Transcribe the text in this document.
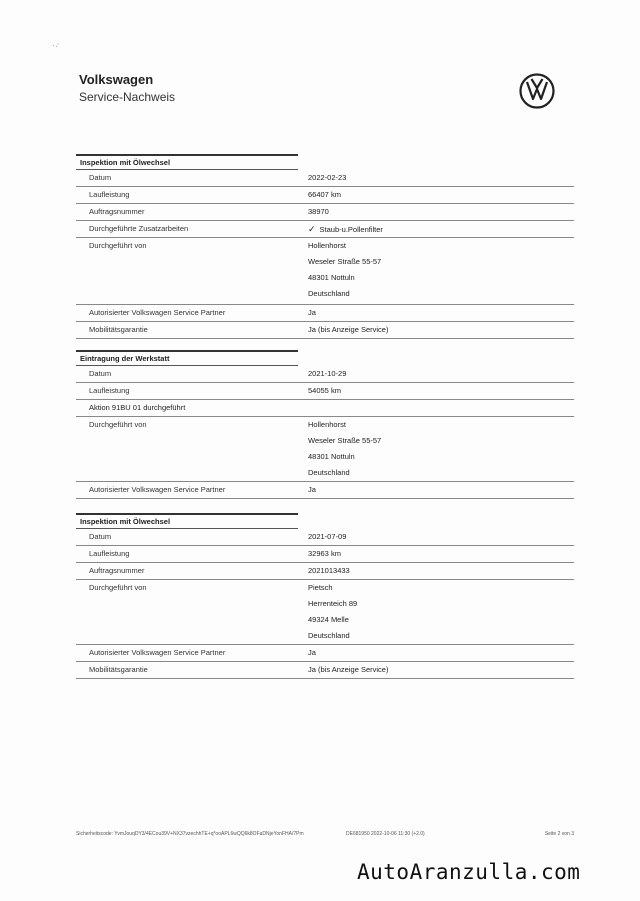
·.·
Volkswagen
Service-Nachweis
Inspektion mit Ölwechsel
Datum	2022-02-23
Laufleistung	66407 km
Auftragsnummer	38970
Durchgeführte Zusatzarbeiten	✓ Staub-u.Pollenfilter
Durchgeführt von	Hollenhorst
Weseler Straße 55-57
48301 Nottuln
Deutschland
Autorisierter Volkswagen Service Partner	Ja
Mobilitätsgarantie	Ja (bis Anzeige Service)
Eintragung der Werkstatt
Datum	2021-10-29
Laufleistung	54055 km
Aktion 91BU 01 durchgeführt
Durchgeführt von	Hollenhorst
Weseler Straße 55-57
48301 Nottuln
Deutschland
Autorisierter Volkswagen Service Partner	Ja
Inspektion mit Ölwechsel
Datum	2021-07-09
Laufleistung	32963 km
Auftragsnummer	2021013433
Durchgeführt von	Pietsch
Herrenteich 89
49324 Melle
Deutschland
Autorisierter Volkswagen Service Partner	Ja
Mobilitätsgarantie	Ja (bis Anzeige Service)
Sicherheitscode: YvmJouqDY3/4ECou39V+NX37vzechhTE+q*ooAPL6wQQ6k8OFaDNjeYonFHA/7Pm	DE681950 2022-10-06 11:30 (+2.0)	Seite 2 von 3
AutoAranzulla.com
